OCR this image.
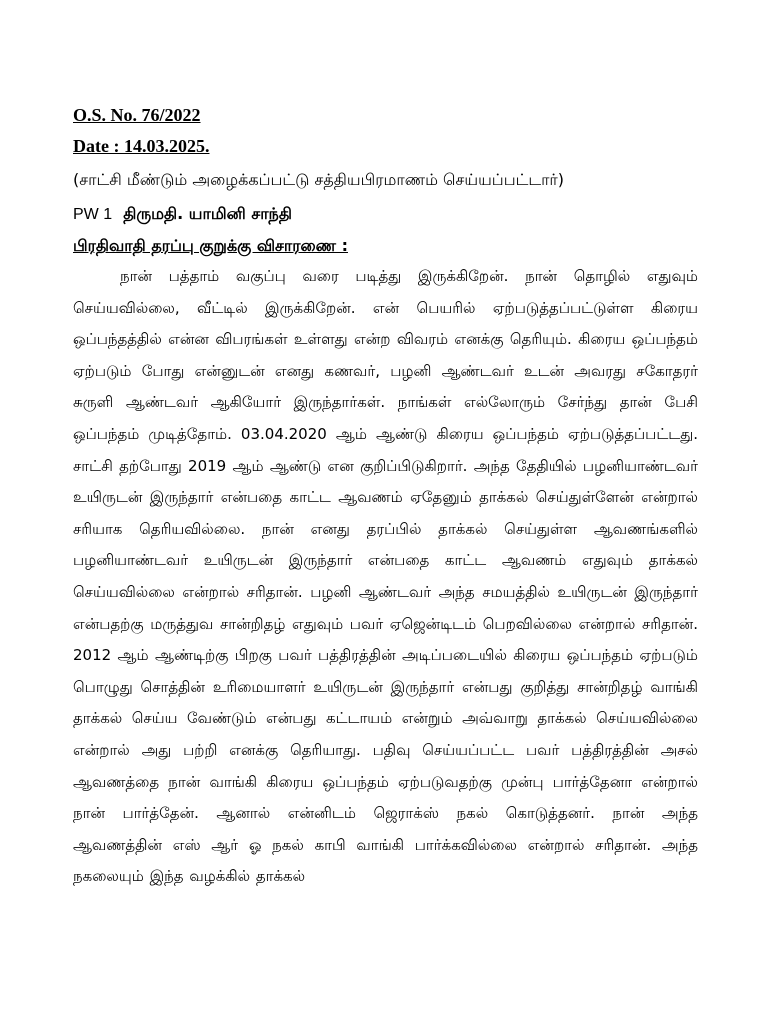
O.S. No. 76/2022
Date : 14.03.2025.
(சாட்சி மீண்டும் அழைக்கப்பட்டு சத்தியபிரமாணம் செய்யப்பட்டார்)
PW 1 திருமதி. யாமினி சாந்தி
பிரதிவாதி தரப்பு குறுக்கு விசாரணை :

நான் பத்தாம் வகுப்பு வரை படித்து இருக்கிறேன். நான் தொழில் எதுவும் செய்யவில்லை, வீட்டில் இருக்கிறேன். என் பெயரில் ஏற்படுத்தப்பட்டுள்ள கிரைய ஒப்பந்தத்தில் என்ன விபரங்கள் உள்ளது என்ற விவரம் எனக்கு தெரியும். கிரைய ஒப்பந்தம் ஏற்படும் போது என்னுடன் எனது கணவர், பழனி ஆண்டவர் உடன் அவரது சகோதரர் சுருளி ஆண்டவர் ஆகியோர் இருந்தார்கள். நாங்கள் எல்லோரும் சேர்ந்து தான் பேசி ஒப்பந்தம் முடித்தோம். 03.04.2020 ஆம் ஆண்டு கிரைய ஒப்பந்தம் ஏற்படுத்தப்பட்டது. சாட்சி தற்போது 2019 ஆம் ஆண்டு என குறிப்பிடுகிறார். அந்த தேதியில் பழனியாண்டவர் உயிருடன் இருந்தார் என்பதை காட்ட ஆவணம் ஏதேனும் தாக்கல் செய்துள்ளேன் என்றால் சரியாக தெரியவில்லை. நான் எனது தரப்பில் தாக்கல் செய்துள்ள ஆவணங்களில் பழனியாண்டவர் உயிருடன் இருந்தார் என்பதை காட்ட ஆவணம் எதுவும் தாக்கல் செய்யவில்லை என்றால் சரிதான். பழனி ஆண்டவர் அந்த சமயத்தில் உயிருடன் இருந்தார் என்பதற்கு மருத்துவ சான்றிதழ் எதுவும் பவர் ஏஜென்டிடம் பெறவில்லை என்றால் சரிதான். 2012 ஆம் ஆண்டிற்கு பிறகு பவர் பத்திரத்தின் அடிப்படையில் கிரைய ஒப்பந்தம் ஏற்படும் பொழுது சொத்தின் உரிமையாளர் உயிருடன் இருந்தார் என்பது குறித்து சான்றிதழ் வாங்கி தாக்கல் செய்ய வேண்டும் என்பது கட்டாயம் என்றும் அவ்வாறு தாக்கல் செய்யவில்லை என்றால் அது பற்றி எனக்கு தெரியாது. பதிவு செய்யப்பட்ட பவர் பத்திரத்தின் அசல் ஆவணத்தை நான் வாங்கி கிரைய ஒப்பந்தம் ஏற்படுவதற்கு முன்பு பார்த்தேனா என்றால் நான் பார்த்தேன். ஆனால் என்னிடம் ஜெராக்ஸ் நகல் கொடுத்தனர். நான் அந்த ஆவணத்தின் எஸ் ஆர் ஓ நகல் காபி வாங்கி பார்க்கவில்லை என்றால் சரிதான். அந்த நகலையும் இந்த வழக்கில் தாக்கல்
